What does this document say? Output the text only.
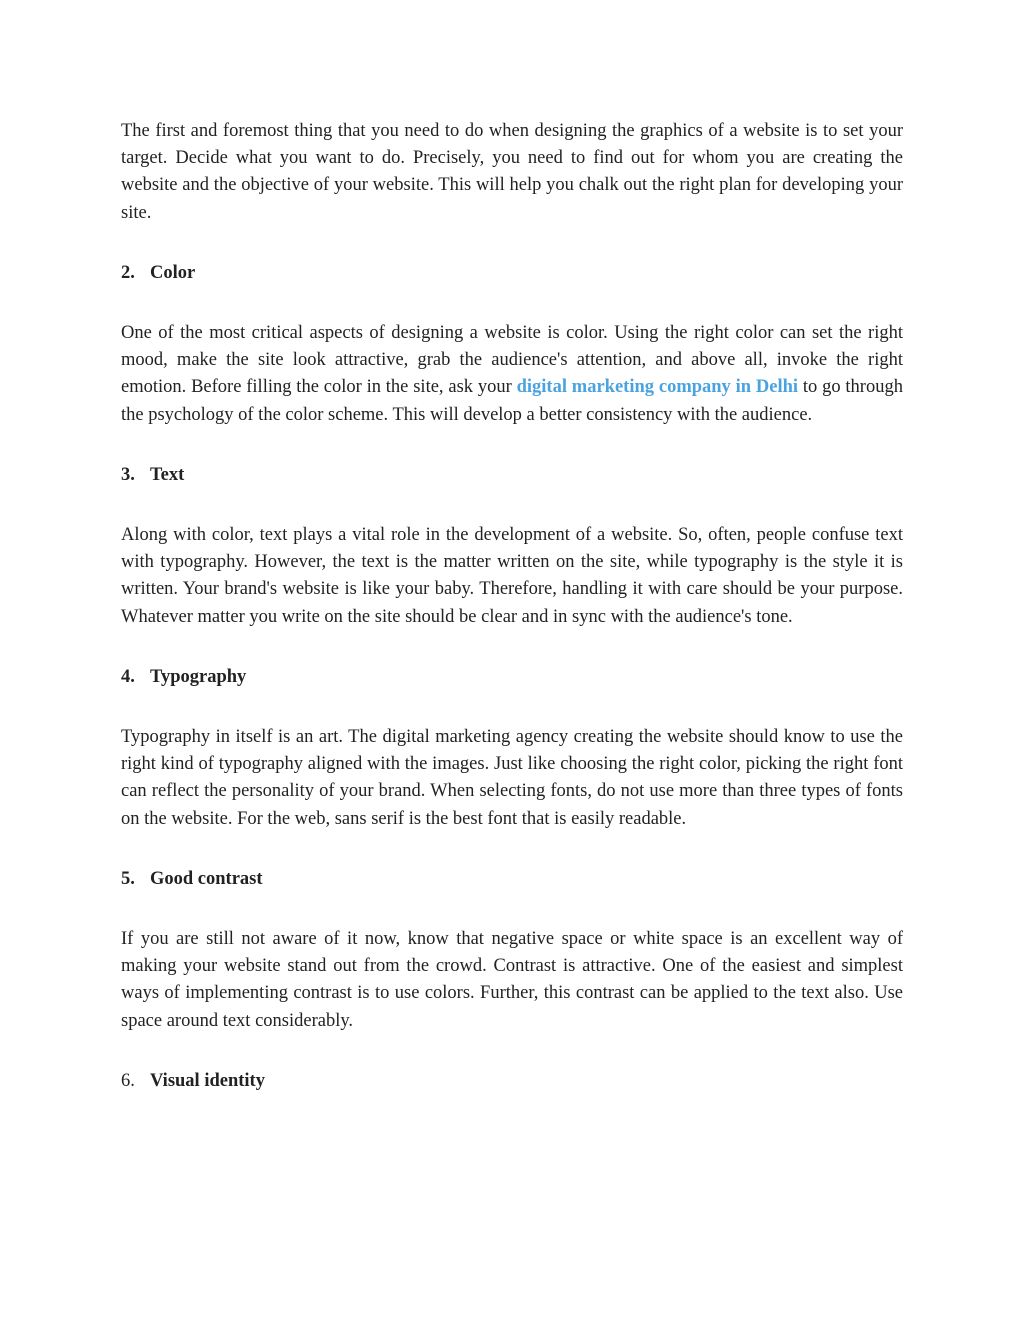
The first and foremost thing that you need to do when designing the graphics of a website is to set your target. Decide what you want to do. Precisely, you need to find out for whom you are creating the website and the objective of your website. This will help you chalk out the right plan for developing your site.

2. Color

One of the most critical aspects of designing a website is color. Using the right color can set the right mood, make the site look attractive, grab the audience's attention, and above all, invoke the right emotion. Before filling the color in the site, ask your digital marketing company in Delhi to go through the psychology of the color scheme. This will develop a better consistency with the audience.

3. Text

Along with color, text plays a vital role in the development of a website. So, often, people confuse text with typography. However, the text is the matter written on the site, while typography is the style it is written. Your brand's website is like your baby. Therefore, handling it with care should be your purpose. Whatever matter you write on the site should be clear and in sync with the audience's tone.

4. Typography

Typography in itself is an art. The digital marketing agency creating the website should know to use the right kind of typography aligned with the images. Just like choosing the right color, picking the right font can reflect the personality of your brand. When selecting fonts, do not use more than three types of fonts on the website. For the web, sans serif is the best font that is easily readable.

5. Good contrast

If you are still not aware of it now, know that negative space or white space is an excellent way of making your website stand out from the crowd. Contrast is attractive. One of the easiest and simplest ways of implementing contrast is to use colors. Further, this contrast can be applied to the text also. Use space around text considerably.

6. Visual identity
